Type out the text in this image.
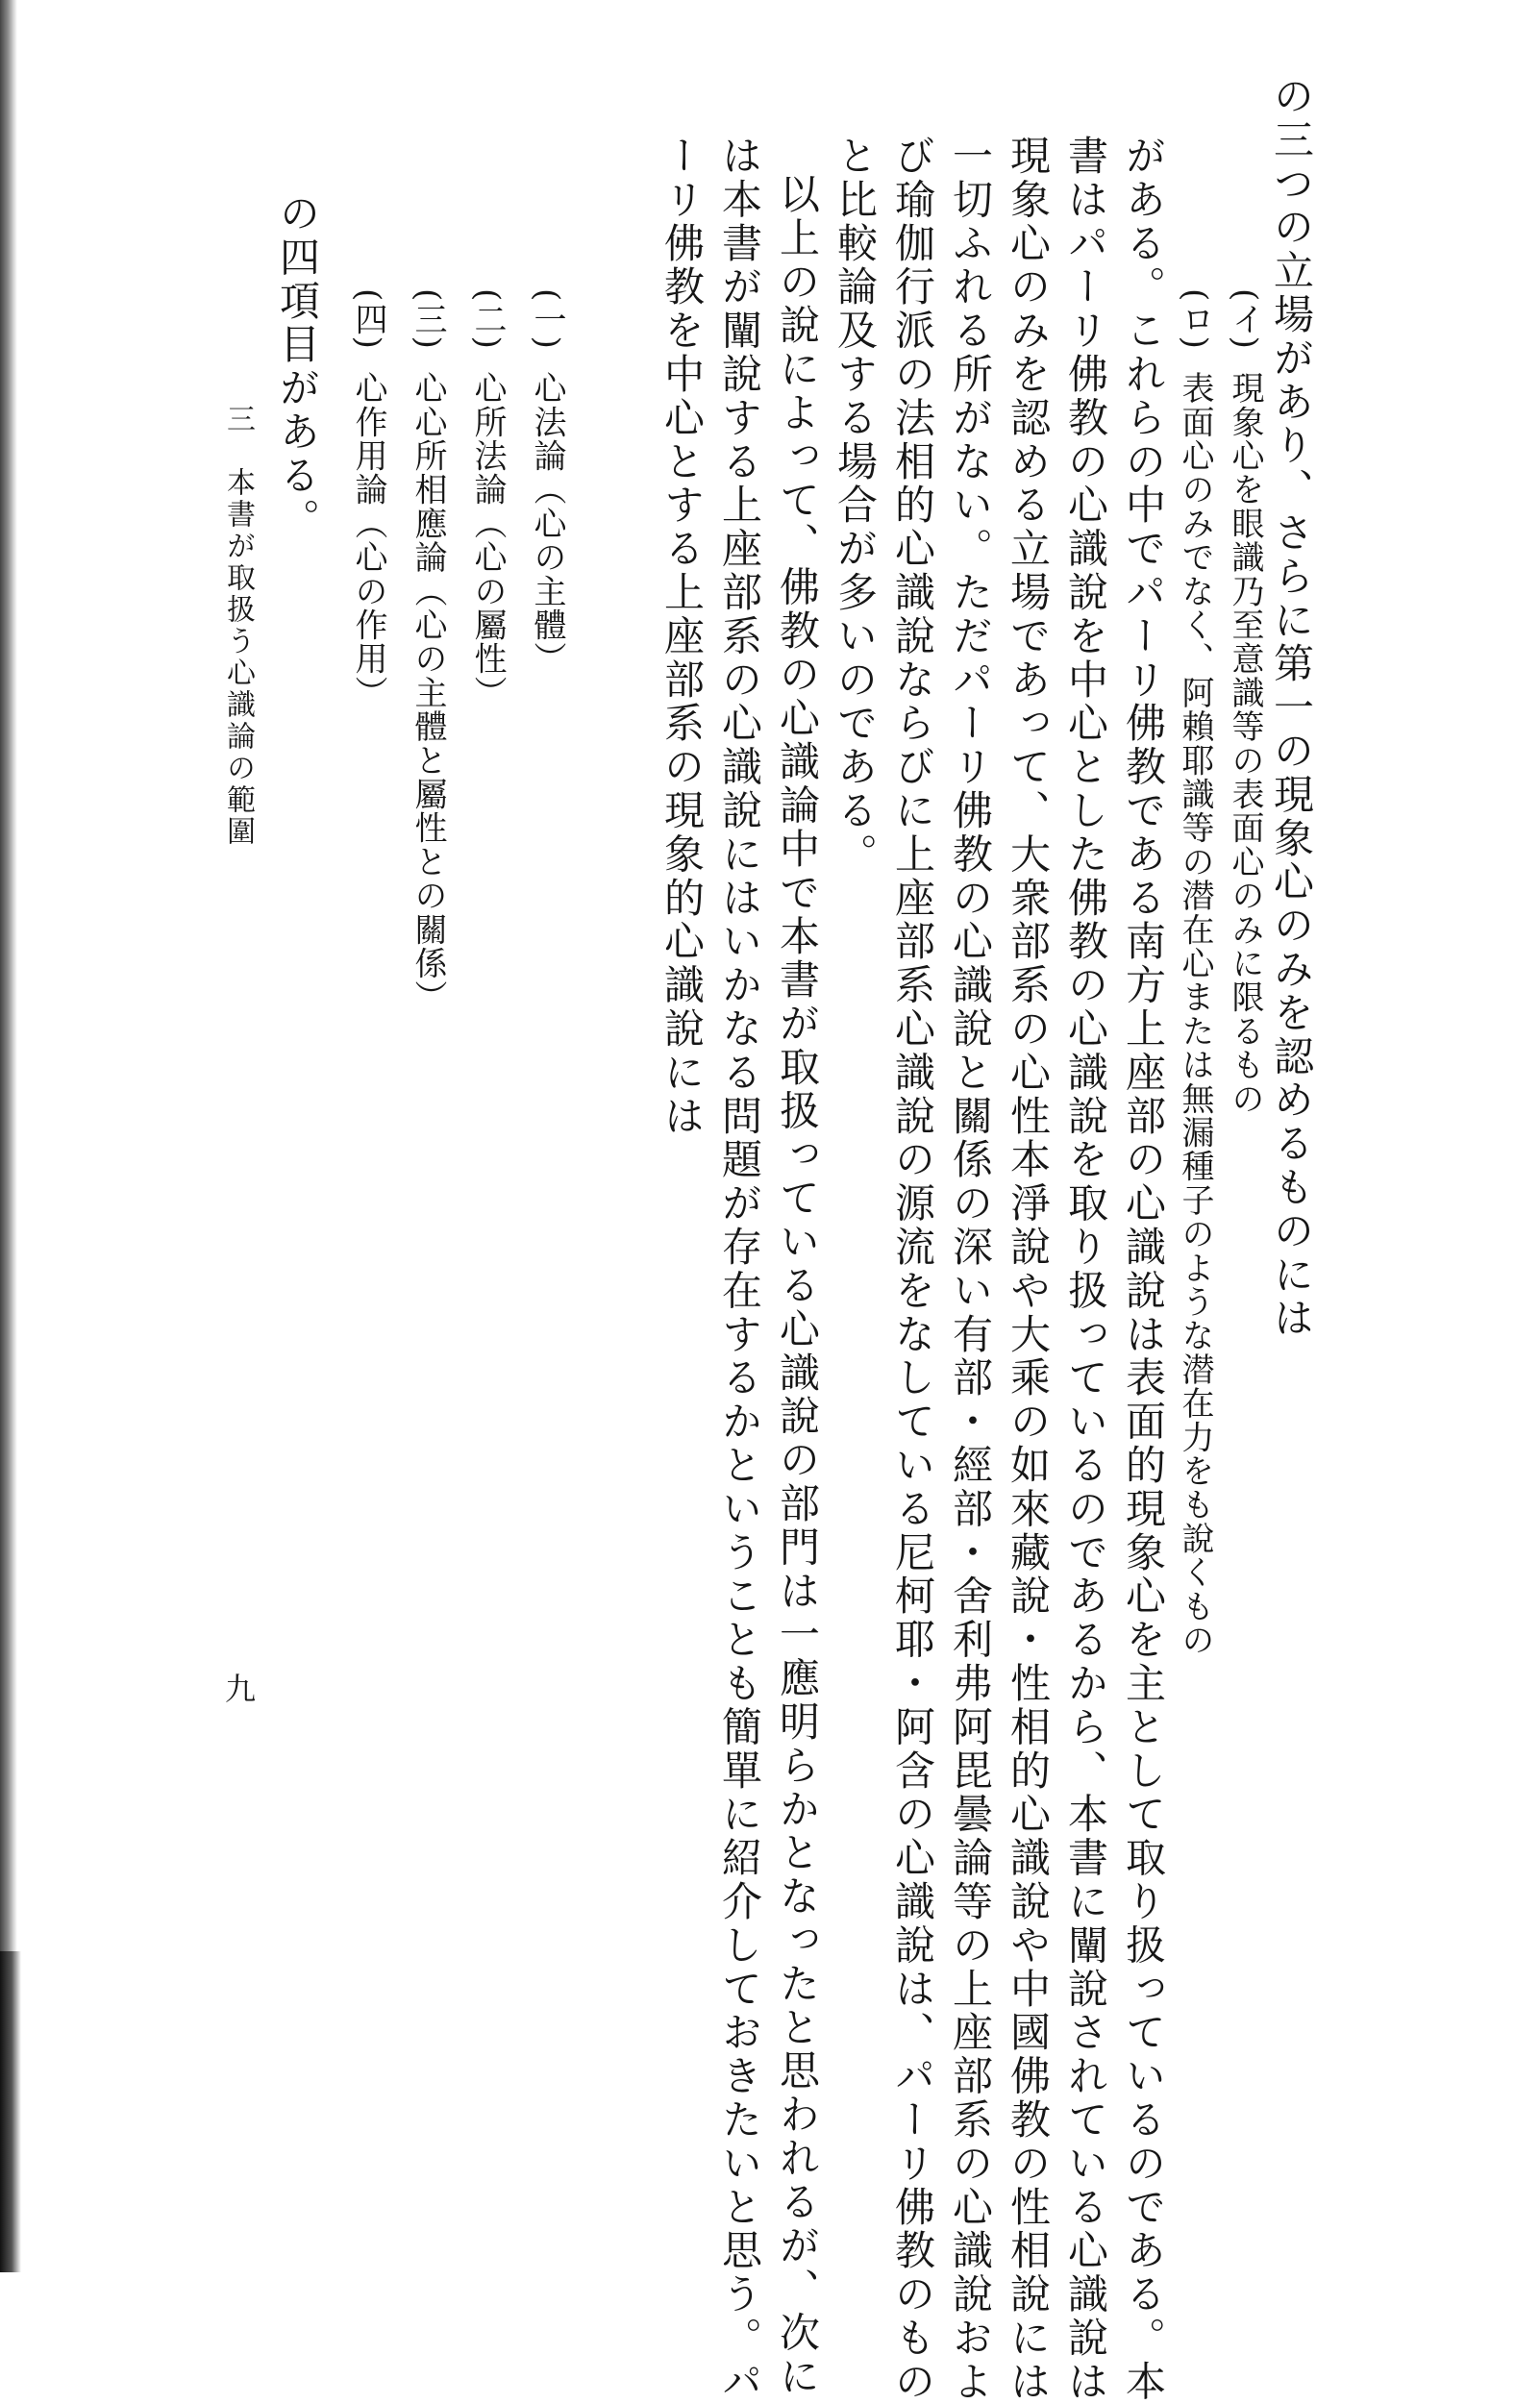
の三つの立場があり、さらに第一の現象心のみを認めるものには

(イ)現象心を眼識乃至意識等の表面心のみに限るもの
(ロ)表面心のみでなく、阿賴耶識等の潜在心または無漏種子のような潜在力をも說くもの

がある。これらの中でパーリ佛教である南方上座部の心識說は表面的現象心を主として取り扱っているのである。本

書はパーリ佛教の心識說を中心とした佛教の心識說を取り扱っているのであるから、本書に闡說されている心識說は

現象心のみを認める立場であって、大衆部系の心性本淨說や大乘の如來藏說・性相的心識說や中國佛教の性相說には

一切ふれる所がない。ただパーリ佛教の心識說と關係の深い有部・經部・舍利弗阿毘曇論等の上座部系の心識說およ

び瑜伽行派の法相的心識說ならびに上座部系心識說の源流をなしている尼柯耶・阿含の心識說は、パーリ佛教のもの

と比較論及する場合が多いのである。

以上の說によって、佛教の心識論中で本書が取扱っている心識說の部門は一應明らかとなったと思われるが、次に

は本書が闡說する上座部系の心識說にはいかなる問題が存在するかということも簡單に紹介しておきたいと思う。パ

ーリ佛教を中心とする上座部系の現象的心識說には

(一)心法論（心の主體）
(二)心所法論（心の屬性）
(三)心心所相應論（心の主體と屬性との關係）
(四)心作用論（心の作用）

の四項目がある。

三　本書が取扱う心識論の範圍

九
